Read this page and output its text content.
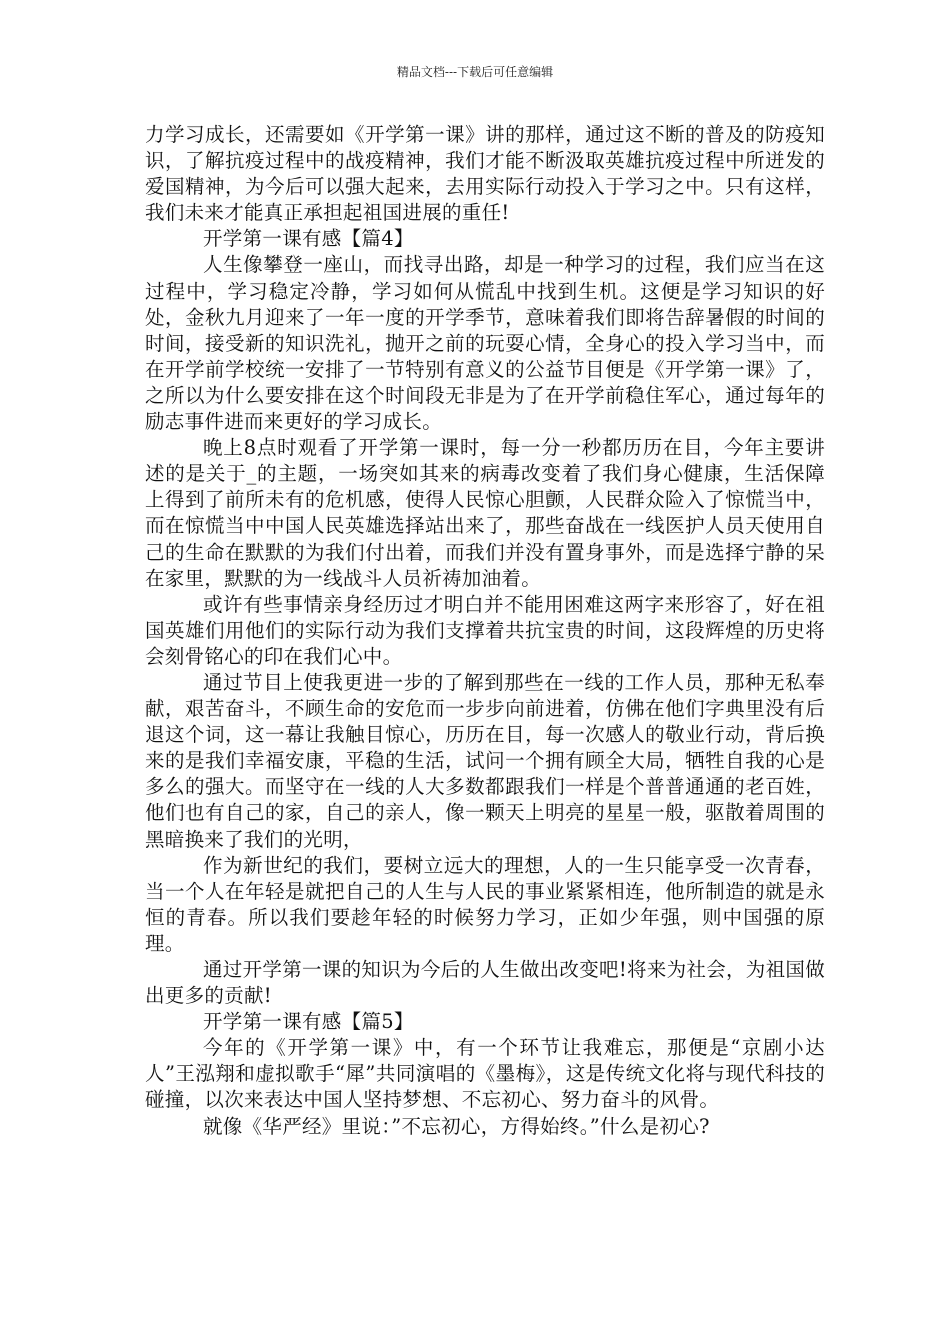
精品文档---下载后可任意编辑

力学习成长，还需要如《开学第一课》讲的那样，通过这不断的普及的防疫知识，了解抗疫过程中的战疫精神，我们才能不断汲取英雄抗疫过程中所迸发的爱国精神，为今后可以强大起来，去用实际行动投入于学习之中。只有这样，我们未来才能真正承担起祖国进展的重任!

开学第一课有感【篇4】

人生像攀登一座山，而找寻出路，却是一种学习的过程，我们应当在这过程中，学习稳定冷静，学习如何从慌乱中找到生机。这便是学习知识的好处，金秋九月迎来了一年一度的开学季节，意味着我们即将告辞暑假的时间的时间，接受新的知识洗礼，抛开之前的玩耍心情，全身心的投入学习当中，而在开学前学校统一安排了一节特别有意义的公益节目便是《开学第一课》了，之所以为什么要安排在这个时间段无非是为了在开学前稳住军心，通过每年的励志事件进而来更好的学习成长。

晚上8点时观看了开学第一课时，每一分一秒都历历在目，今年主要讲述的是关于_的主题，一场突如其来的病毒改变着了我们身心健康，生活保障上得到了前所未有的危机感，使得人民惊心胆颤，人民群众险入了惊慌当中，而在惊慌当中中国人民英雄选择站出来了，那些奋战在一线医护人员天使用自己的生命在默默的为我们付出着，而我们并没有置身事外，而是选择宁静的呆在家里，默默的为一线战斗人员祈祷加油着。

或许有些事情亲身经历过才明白并不能用困难这两字来形容了，好在祖国英雄们用他们的实际行动为我们支撑着共抗宝贵的时间，这段辉煌的历史将会刻骨铭心的印在我们心中。

通过节目上使我更进一步的了解到那些在一线的工作人员，那种无私奉献，艰苦奋斗，不顾生命的安危而一步步向前进着，仿佛在他们字典里没有后退这个词，这一幕让我触目惊心，历历在目，每一次感人的敬业行动，背后换来的是我们幸福安康，平稳的生活，试问一个拥有顾全大局，牺牲自我的心是多么的强大。而坚守在一线的人大多数都跟我们一样是个普普通通的老百姓，他们也有自己的家，自己的亲人，像一颗天上明亮的星星一般，驱散着周围的黑暗换来了我们的光明，

作为新世纪的我们，要树立远大的理想，人的一生只能享受一次青春，当一个人在年轻是就把自己的人生与人民的事业紧紧相连，他所制造的就是永恒的青春。所以我们要趁年轻的时候努力学习，正如少年强，则中国强的原理。

通过开学第一课的知识为今后的人生做出改变吧!将来为社会，为祖国做出更多的贡献!

开学第一课有感【篇5】

今年的《开学第一课》中，有一个环节让我难忘，那便是“京剧小达人”王泓翔和虚拟歌手“犀”共同演唱的《墨梅》，这是传统文化将与现代科技的碰撞，以次来表达中国人坚持梦想、不忘初心、努力奋斗的风骨。

就像《华严经》里说：”不忘初心，方得始终。”什么是初心?
